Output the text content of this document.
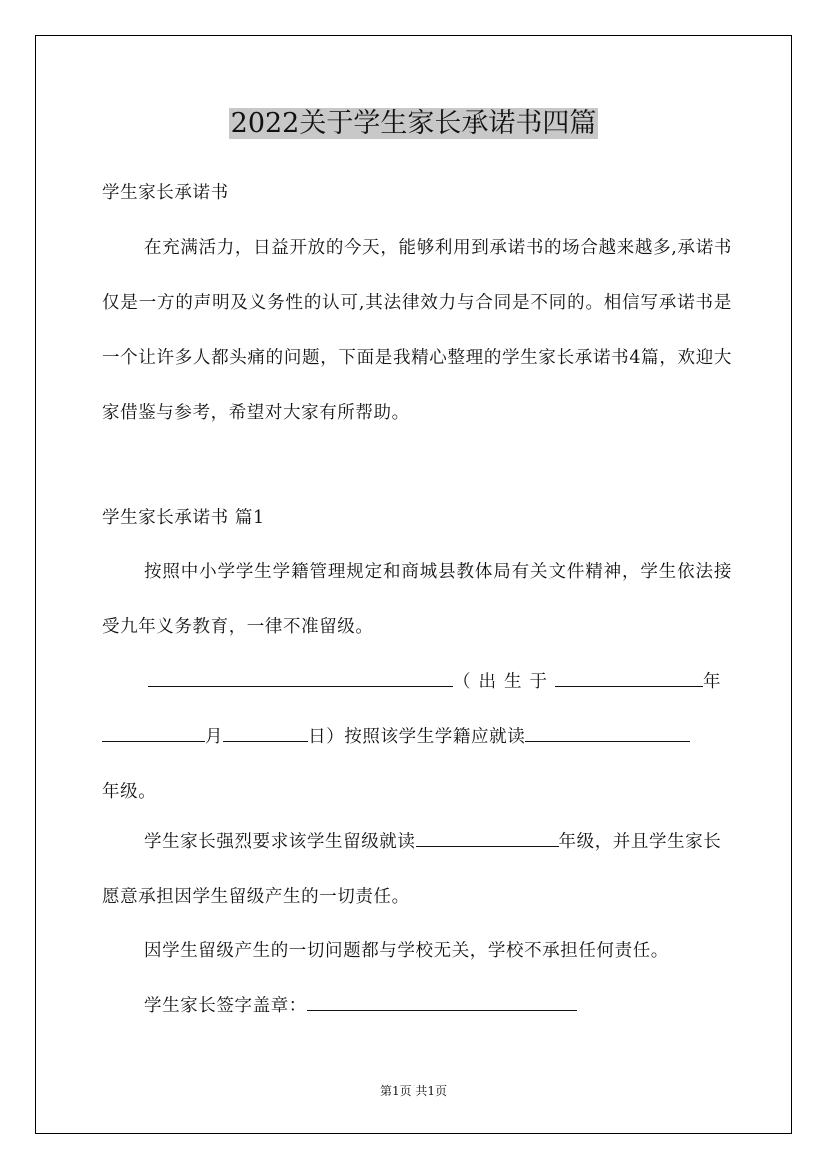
2022关于学生家长承诺书四篇

学生家长承诺书

在充满活力，日益开放的今天，能够利用到承诺书的场合越来越多,承诺书仅是一方的声明及义务性的认可,其法律效力与合同是不同的。相信写承诺书是一个让许多人都头痛的问题，下面是我精心整理的学生家长承诺书4篇，欢迎大家借鉴与参考，希望对大家有所帮助。

学生家长承诺书 篇1

按照中小学学生学籍管理规定和商城县教体局有关文件精神，学生依法接受九年义务教育，一律不准留级。

（出生于	年
月	日）按照该学生学籍应就读
年级。
学生家长强烈要求该学生留级就读	年级，并且学生家长愿意承担因学生留级产生的一切责任。

因学生留级产生的一切问题都与学校无关，学校不承担任何责任。

学生家长签字盖章：

第1页 共1页
